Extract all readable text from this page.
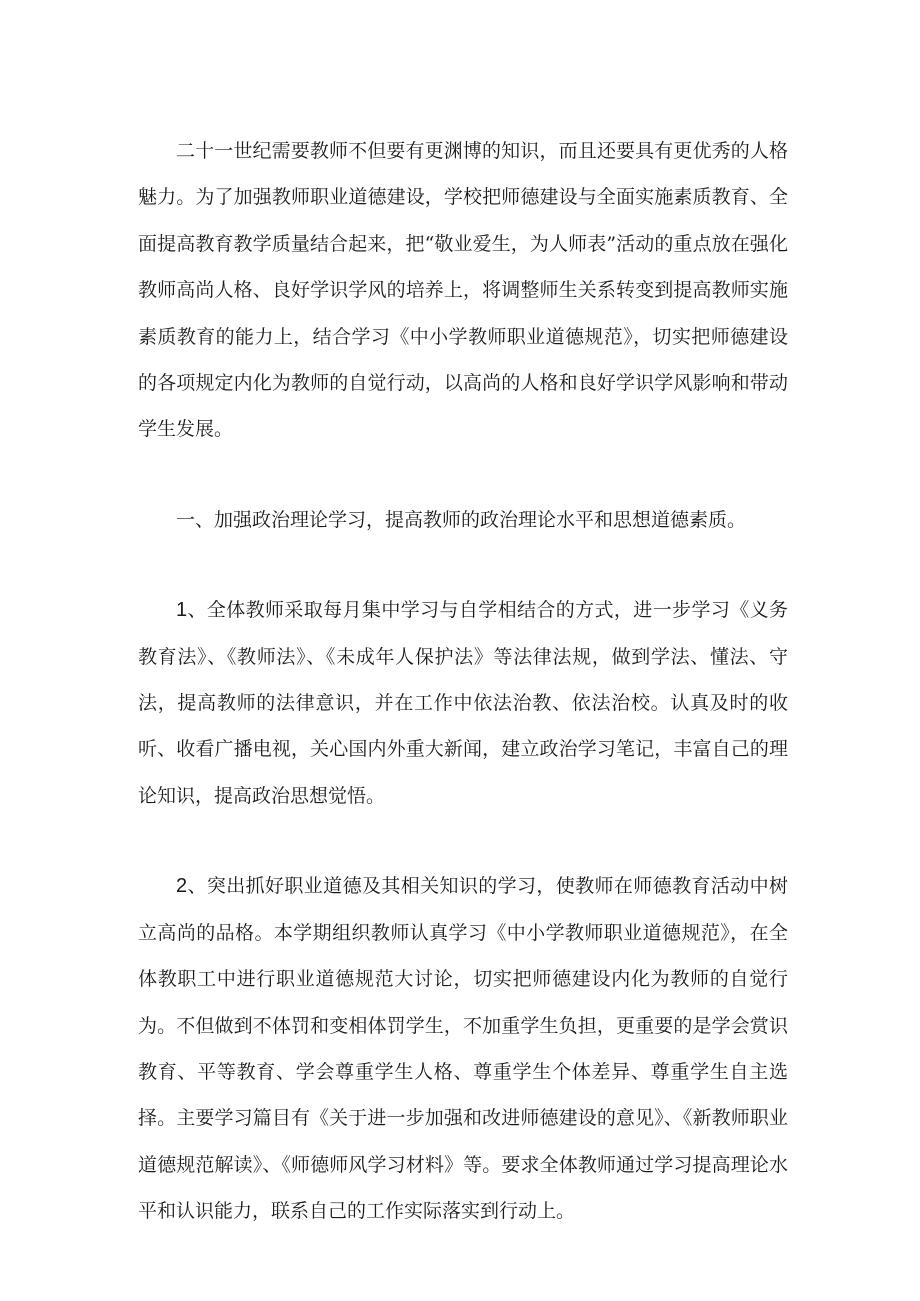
二十一世纪需要教师不但要有更渊博的知识，而且还要具有更优秀的人格魅力。为了加强教师职业道德建设，学校把师德建设与全面实施素质教育、全面提高教育教学质量结合起来，把“敬业爱生，为人师表”活动的重点放在强化教师高尚人格、良好学识学风的培养上，将调整师生关系转变到提高教师实施素质教育的能力上，结合学习《中小学教师职业道德规范》，切实把师德建设的各项规定内化为教师的自觉行动，以高尚的人格和良好学识学风影响和带动学生发展。

一、加强政治理论学习，提高教师的政治理论水平和思想道德素质。

1、全体教师采取每月集中学习与自学相结合的方式，进一步学习《义务教育法》、《教师法》、《未成年人保护法》等法律法规，做到学法、懂法、守法，提高教师的法律意识，并在工作中依法治教、依法治校。认真及时的收听、收看广播电视，关心国内外重大新闻，建立政治学习笔记，丰富自己的理论知识，提高政治思想觉悟。

2、突出抓好职业道德及其相关知识的学习，使教师在师德教育活动中树立高尚的品格。本学期组织教师认真学习《中小学教师职业道德规范》，在全体教职工中进行职业道德规范大讨论，切实把师德建设内化为教师的自觉行为。不但做到不体罚和变相体罚学生，不加重学生负担，更重要的是学会赏识教育、平等教育、学会尊重学生人格、尊重学生个体差异、尊重学生自主选择。主要学习篇目有《关于进一步加强和改进师德建设的意见》、《新教师职业道德规范解读》、《师德师风学习材料》等。要求全体教师通过学习提高理论水平和认识能力，联系自己的工作实际落实到行动上。
